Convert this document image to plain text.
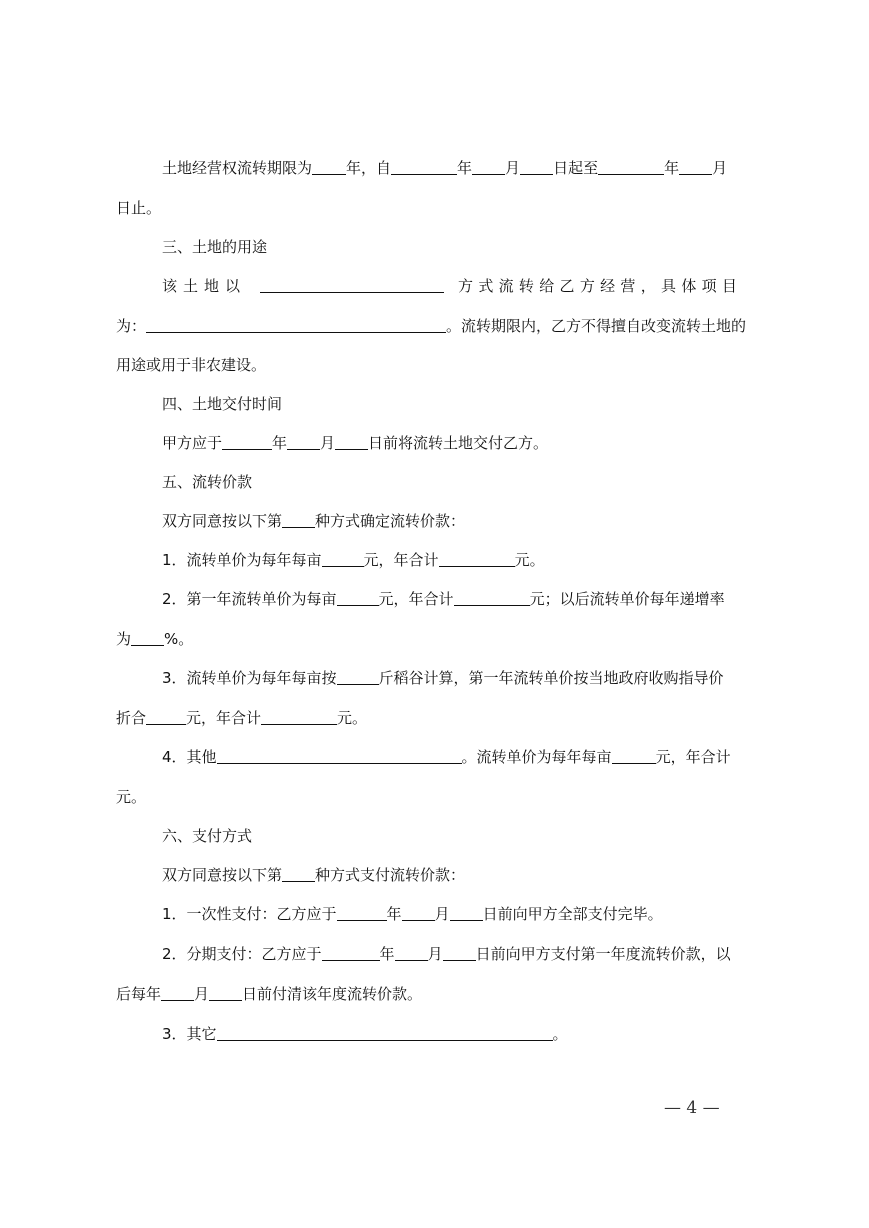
土地经营权流转期限为 年，自	年 月 日起至	年 月
日止。
三、土地的用途
该土地以	方式流转给乙方经营，具体项目
为：	。流转期限内，乙方不得擅自改变流转土地的
用途或用于非农建设。
四、土地交付时间
甲方应于	年 月 日前将流转土地交付乙方。
五、流转价款
双方同意按以下第 种方式确定流转价款：
1．流转单价为每年每亩	元，年合计	元。
2．第一年流转单价为每亩	元，年合计	元；以后流转单价每年递增率
为 %。
3．流转单价为每年每亩按	斤稻谷计算，第一年流转单价按当地政府收购指导价
折合	元，年合计	元。
4．其他	。流转单价为每年每亩	元，年合计
元。
六、支付方式
双方同意按以下第 种方式支付流转价款：
1．一次性支付：乙方应于	年 月 日前向甲方全部支付完毕。
2．分期支付：乙方应于	年 月 日前向甲方支付第一年度流转价款，以
后每年 月 日前付清该年度流转价款。
3．其它	。
— 4 —
